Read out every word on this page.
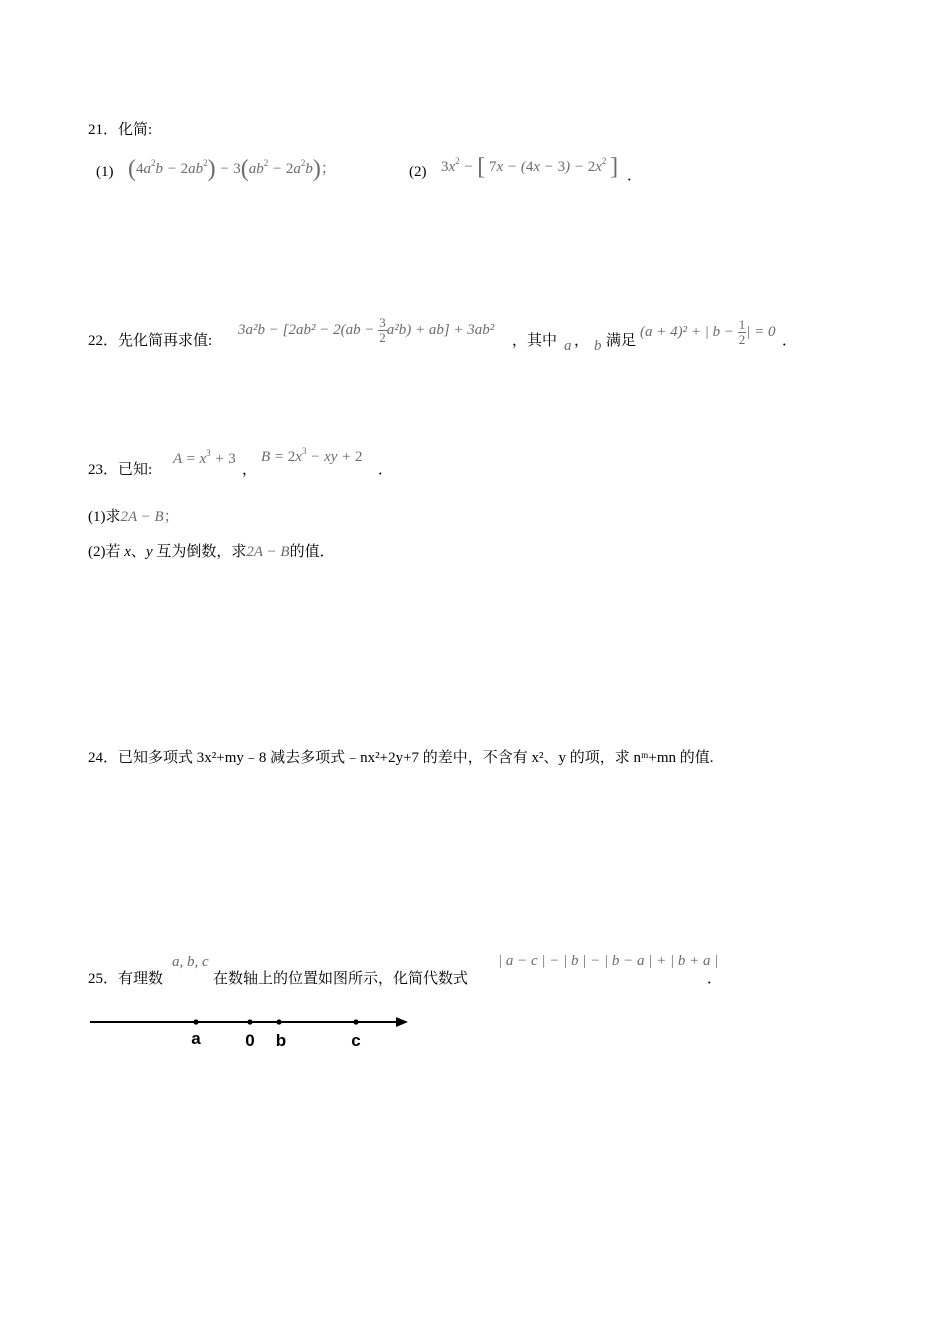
21．化简:
(1) $(4a^2b - 2ab^2) - 3(ab^2 - 2a^2b)$；	(2) $3x^2$ − [ $7x - (4x - 3) - 2x^2$ ] ．
22．先化简再求值:
$3a^2b - [2ab^2 - 2(ab - \frac{3}{2} a^2b) + ab] + 3ab^2$
，其中 a ， b 满足
(a + 4)² + | $b - \frac{1}{2}$ | = 0
．
23．已知:
$A = x^3 + 3$
，
$B = 2x^3$ − xy + 2
．
(1)求2A − B；
(2)若 x、y 互为倒数，求2A − B的值．
24．已知多项式 3x²+my﹣8 减去多项式﹣nx²+2y+7 的差中，不含有 x²、y 的项，求 nᵐ+mn 的值.
25．有理数
a, b, c
在数轴上的位置如图所示，化简代数式
| a − c | − | b | − | b − a | + | b + a |
．
a	0 b	c
